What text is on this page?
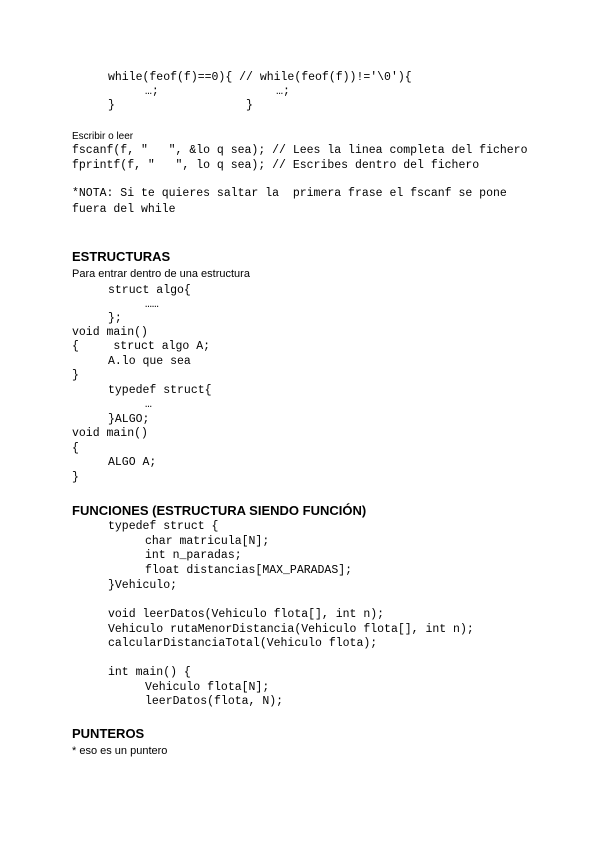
while(feof(f)==0){ // while(feof(f))!='\0'){
…;                 …;
}                   }
Escribir o leer
fscanf(f, "   ", &lo q sea); // Lees la linea completa del fichero
fprintf(f, "   ", lo q sea); // Escribes dentro del fichero
*NOTA: Si te quieres saltar la  primera frase el fscanf se pone
fuera del while
ESTRUCTURAS
Para entrar dentro de una estructura
struct algo{
……
};
void main()
{     struct algo A;
A.lo que sea
}
typedef struct{
…
}ALGO;
void main()
{
ALGO A;
}
FUNCIONES (ESTRUCTURA SIENDO FUNCIÓN)
typedef struct {
char matricula[N];
int n_paradas;
float distancias[MAX_PARADAS];
}Vehiculo;
void leerDatos(Vehiculo flota[], int n);
Vehiculo rutaMenorDistancia(Vehiculo flota[], int n);
calcularDistanciaTotal(Vehiculo flota);
int main() {
Vehiculo flota[N];
leerDatos(flota, N);
PUNTEROS
* eso es un puntero
